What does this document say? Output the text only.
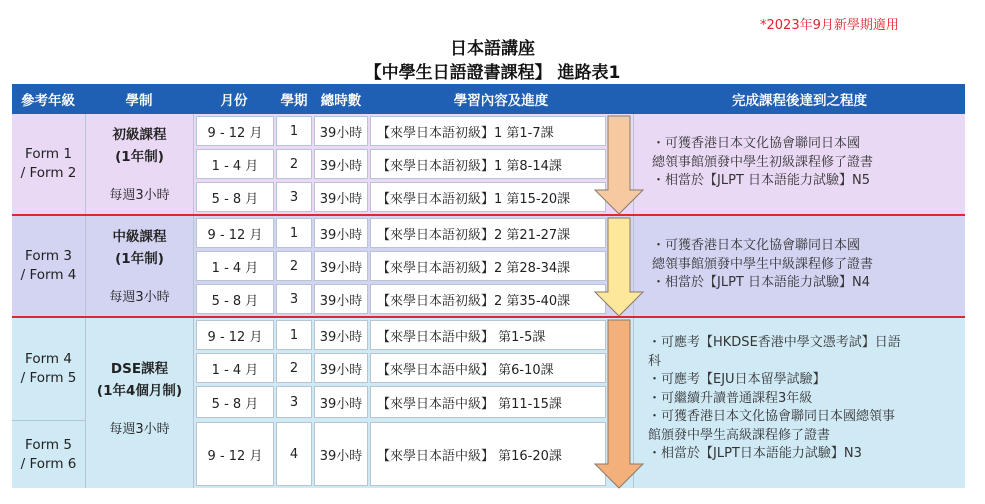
*2023年9月新學期適用
日本語講座
【中學生日語證書課程】 進路表1
參考年級	學制	月份	學期 總時數	學習內容及進度	完成課程後達到之程度
Form 1
/ Form 2
初級課程
(1年制)
每週3小時
9 - 12 月	1	39小時	【來學日本語初級】1 第1-7課
1 - 4 月	2	39小時	【來學日本語初級】1 第8-14課
5 - 8 月	3	39小時	【來學日本語初級】1 第15-20課
・可獲香港日本文化協會聯同日本國
總領事館頒發中學生初級課程修了證書
・相當於【JLPT 日本語能力試驗】N5
Form 3
/ Form 4
中級課程
(1年制)
每週3小時
9 - 12 月	1	39小時	【來學日本語初級】2 第21-27課
1 - 4 月	2	39小時	【來學日本語初級】2 第28-34課
5 - 8 月	3	39小時	【來學日本語初級】2 第35-40課
・可獲香港日本文化協會聯同日本國
總領事館頒發中學生中級課程修了證書
・相當於【JLPT 日本語能力試驗】N4
Form 4
/ Form 5
Form 5
/ Form 6
DSE課程
(1年4個月制)
每週3小時
9 - 12 月	1	39小時	【來學日本語中級】 第1-5課
1 - 4 月	2	39小時	【來學日本語中級】 第6-10課
5 - 8 月	3	39小時	【來學日本語中級】 第11-15課
9 - 12 月	4	39小時	【來學日本語中級】 第16-20課
・可應考【HKDSE香港中學文憑考試】日語
科
・可應考【EJU日本留學試驗】
・可繼續升讀普通課程3年級
・可獲香港日本文化協會聯同日本國總領事
館頒發中學生高級課程修了證書
・相當於【JLPT日本語能力試驗】N3
